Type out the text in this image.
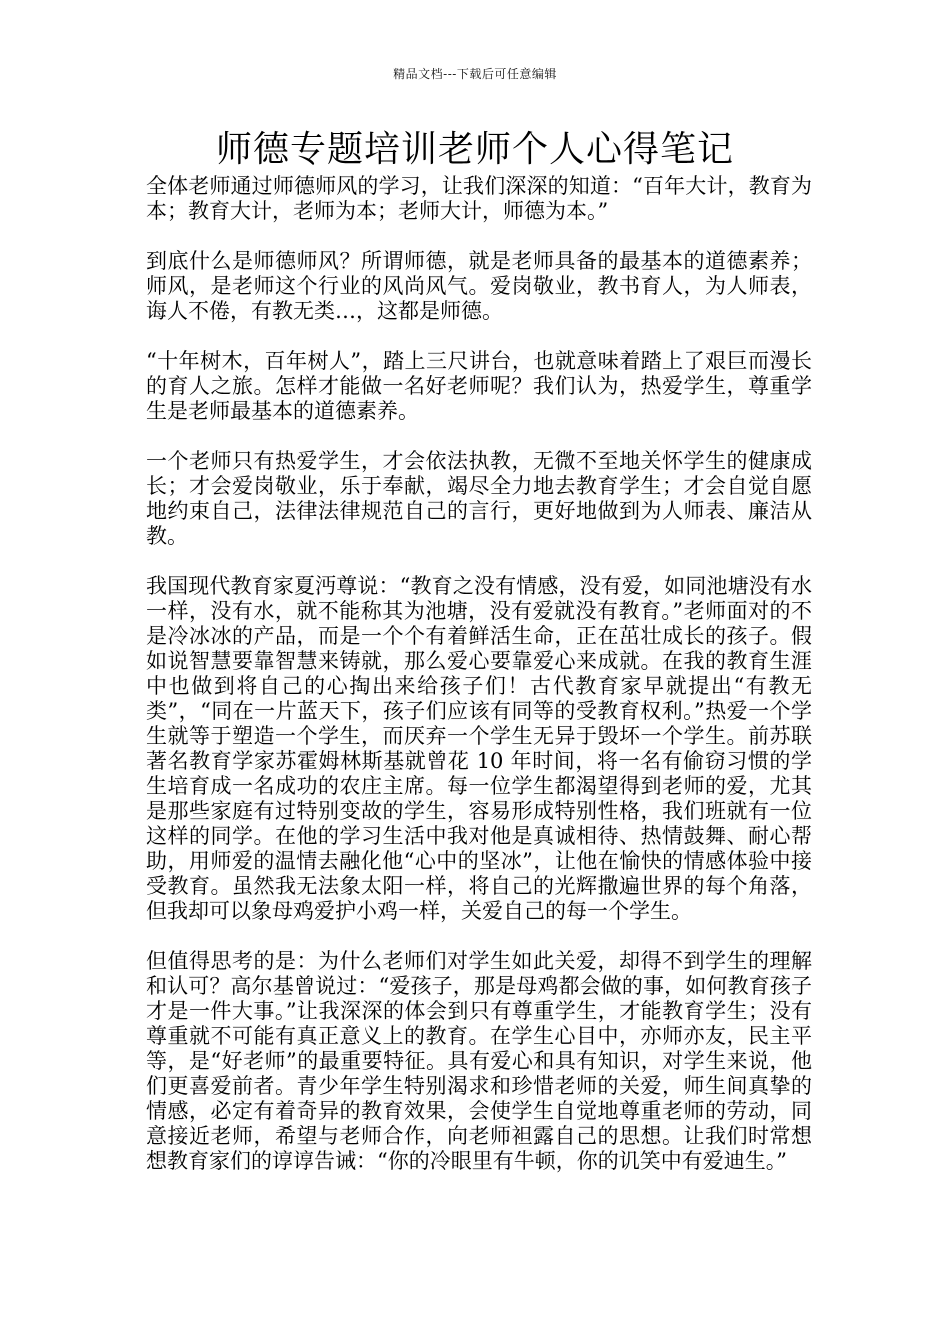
精品文档---下载后可任意编辑
师德专题培训老师个人心得笔记

全体老师通过师德师风的学习，让我们深深的知道：“百年大计，教育为本；教育大计，老师为本；老师大计，师德为本。”

到底什么是师德师风？所谓师德，就是老师具备的最基本的道德素养；师风，是老师这个行业的风尚风气。爱岗敬业，教书育人，为人师表，诲人不倦，有教无类…，这都是师德。

“十年树木，百年树人”，踏上三尺讲台，也就意味着踏上了艰巨而漫长的育人之旅。怎样才能做一名好老师呢？我们认为，热爱学生，尊重学生是老师最基本的道德素养。

一个老师只有热爱学生，才会依法执教，无微不至地关怀学生的健康成长；才会爱岗敬业，乐于奉献，竭尽全力地去教育学生；才会自觉自愿地约束自己，法律法律规范自己的言行，更好地做到为人师表、廉洁从教。

我国现代教育家夏沔尊说：“教育之没有情感，没有爱，如同池塘没有水一样，没有水，就不能称其为池塘，没有爱就没有教育。”老师面对的不是冷冰冰的产品，而是一个个有着鲜活生命，正在茁壮成长的孩子。假如说智慧要靠智慧来铸就，那么爱心要靠爱心来成就。在我的教育生涯中也做到将自己的心掏出来给孩子们！古代教育家早就提出“有教无类”，“同在一片蓝天下，孩子们应该有同等的受教育权利。”热爱一个学生就等于塑造一个学生，而厌弃一个学生无异于毁坏一个学生。前苏联著名教育学家苏霍姆林斯基就曾花 10 年时间，将一名有偷窃习惯的学生培育成一名成功的农庄主席。每一位学生都渴望得到老师的爱，尤其是那些家庭有过特别变故的学生，容易形成特别性格，我们班就有一位这样的同学。在他的学习生活中我对他是真诚相待、热情鼓舞、耐心帮助，用师爱的温情去融化他“心中的坚冰”，让他在愉快的情感体验中接受教育。虽然我无法象太阳一样，将自己的光辉撒遍世界的每个角落，但我却可以象母鸡爱护小鸡一样，关爱自己的每一个学生。

但值得思考的是：为什么老师们对学生如此关爱，却得不到学生的理解和认可？高尔基曾说过：“爱孩子，那是母鸡都会做的事，如何教育孩子才是一件大事。”让我深深的体会到只有尊重学生，才能教育学生；没有尊重就不可能有真正意义上的教育。在学生心目中，亦师亦友，民主平等，是“好老师”的最重要特征。具有爱心和具有知识，对学生来说，他们更喜爱前者。青少年学生特别渴求和珍惜老师的关爱，师生间真挚的情感，必定有着奇异的教育效果，会使学生自觉地尊重老师的劳动，同意接近老师，希望与老师合作，向老师袒露自己的思想。让我们时常想想教育家们的谆谆告诫：“你的冷眼里有牛顿，你的讥笑中有爱迪生。”
